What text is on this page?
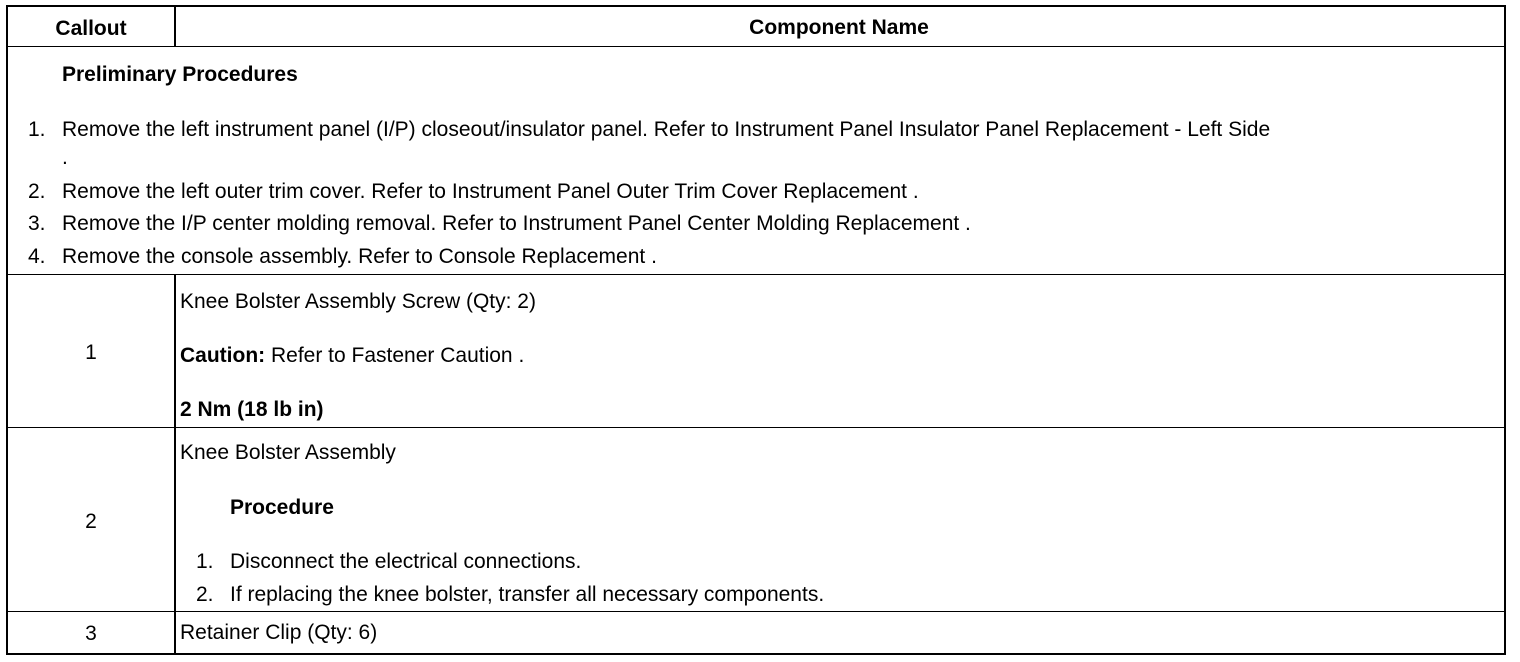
Callout	Component Name
Preliminary Procedures
1. Remove the left instrument panel (I/P) closeout/insulator panel. Refer to Instrument Panel Insulator Panel Replacement - Left Side
.
2. Remove the left outer trim cover. Refer to Instrument Panel Outer Trim Cover Replacement .
3. Remove the I/P center molding removal. Refer to Instrument Panel Center Molding Replacement .
4. Remove the console assembly. Refer to Console Replacement .
1
Knee Bolster Assembly Screw (Qty: 2)
Caution: Refer to Fastener Caution .
2 Nm (18 lb in)
2
Knee Bolster Assembly
Procedure
1. Disconnect the electrical connections.
2. If replacing the knee bolster, transfer all necessary components.
3	Retainer Clip (Qty: 6)
